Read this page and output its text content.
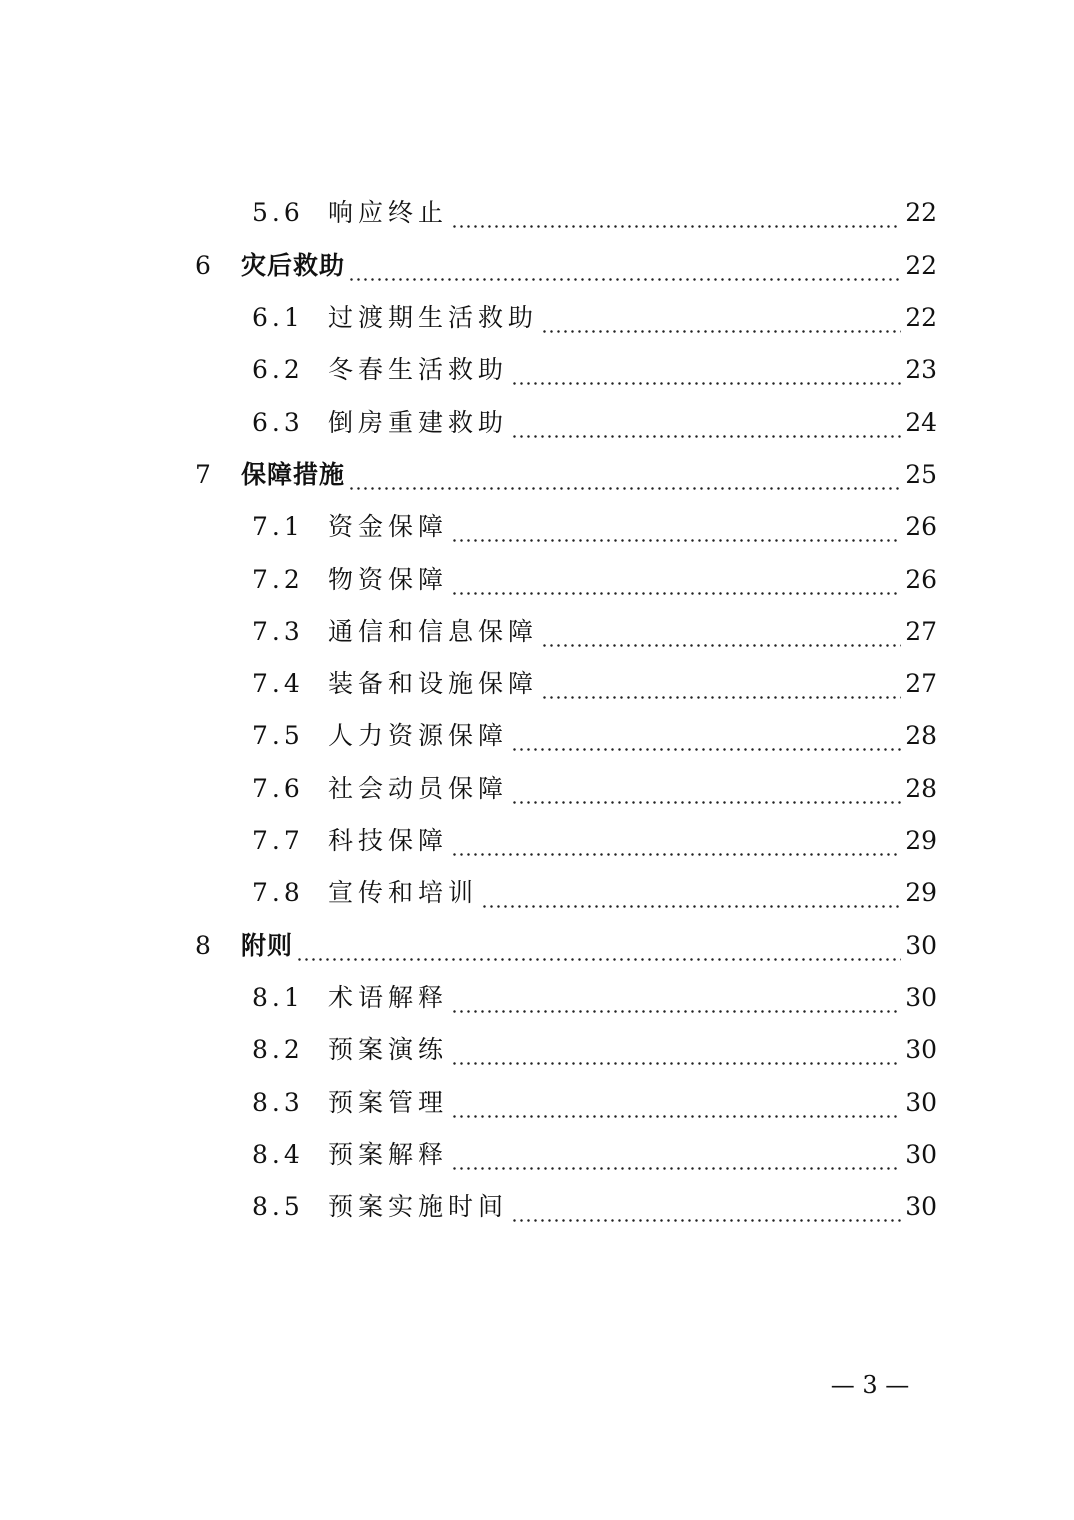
5.6 响应终止	22
6	灾后救助	22
6.1 过渡期生活救助	22
6.2 冬春生活救助	23
6.3 倒房重建救助	24
7	保障措施	25
7.1 资金保障	26
7.2 物资保障	26
7.3 通信和信息保障	27
7.4 装备和设施保障	27
7.5 人力资源保障	28
7.6 社会动员保障	28
7.7 科技保障	29
7.8 宣传和培训	29
8	附则	30
8.1 术语解释	30
8.2 预案演练	30
8.3 预案管理	30
8.4 预案解释	30
8.5 预案实施时间	30
— 3 —
